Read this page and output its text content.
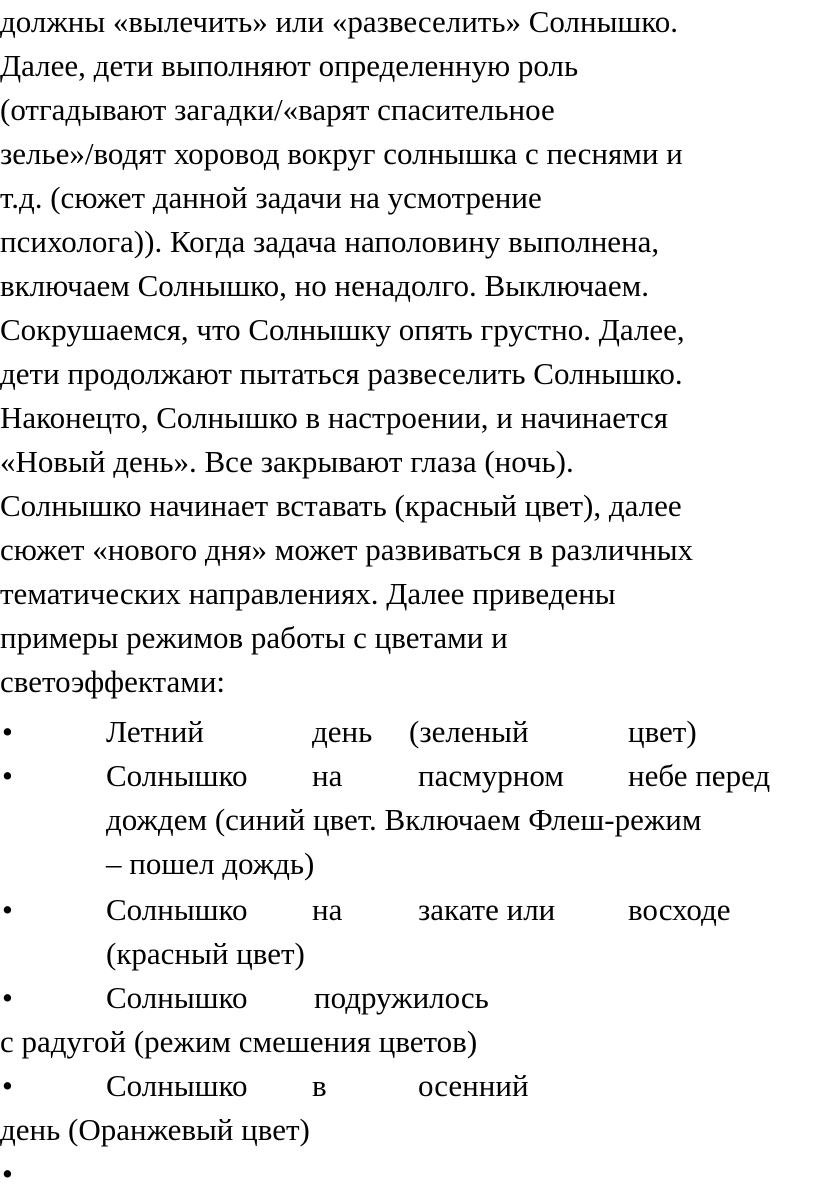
должны «вылечить» или «развеселить» Солнышко.
Далее, дети выполняют определенную роль
(отгадывают загадки/«варят спасительное
зелье»/водят хоровод вокруг солнышка с песнями и
т.д. (сюжет данной задачи на усмотрение
психолога)). Когда задача наполовину выполнена,
включаем Солнышко, но ненадолго. Выключаем.
Сокрушаемся, что Солнышку опять грустно. Далее,
дети продолжают пытаться развеселить Солнышко.
Наконецто, Солнышко в настроении, и начинается
«Новый день». Все закрывают глаза (ночь).
Солнышко начинает вставать (красный цвет), далее
сюжет «нового дня» может развиваться в различных
тематических направлениях. Далее приведены
примеры режимов работы с цветами и
светоэффектами:
•	Летний	день (зеленый	цвет)
•	Солнышко на пасмурном небе перед
дождем (синий цвет. Включаем Флеш-режим
– пошел дождь)
•	Солнышко на закате или восходе
(красный цвет)
•	Солнышко подружилось
с радугой (режим смешения цветов)
•	Солнышко в	осенний
день (Оранжевый цвет)
•
